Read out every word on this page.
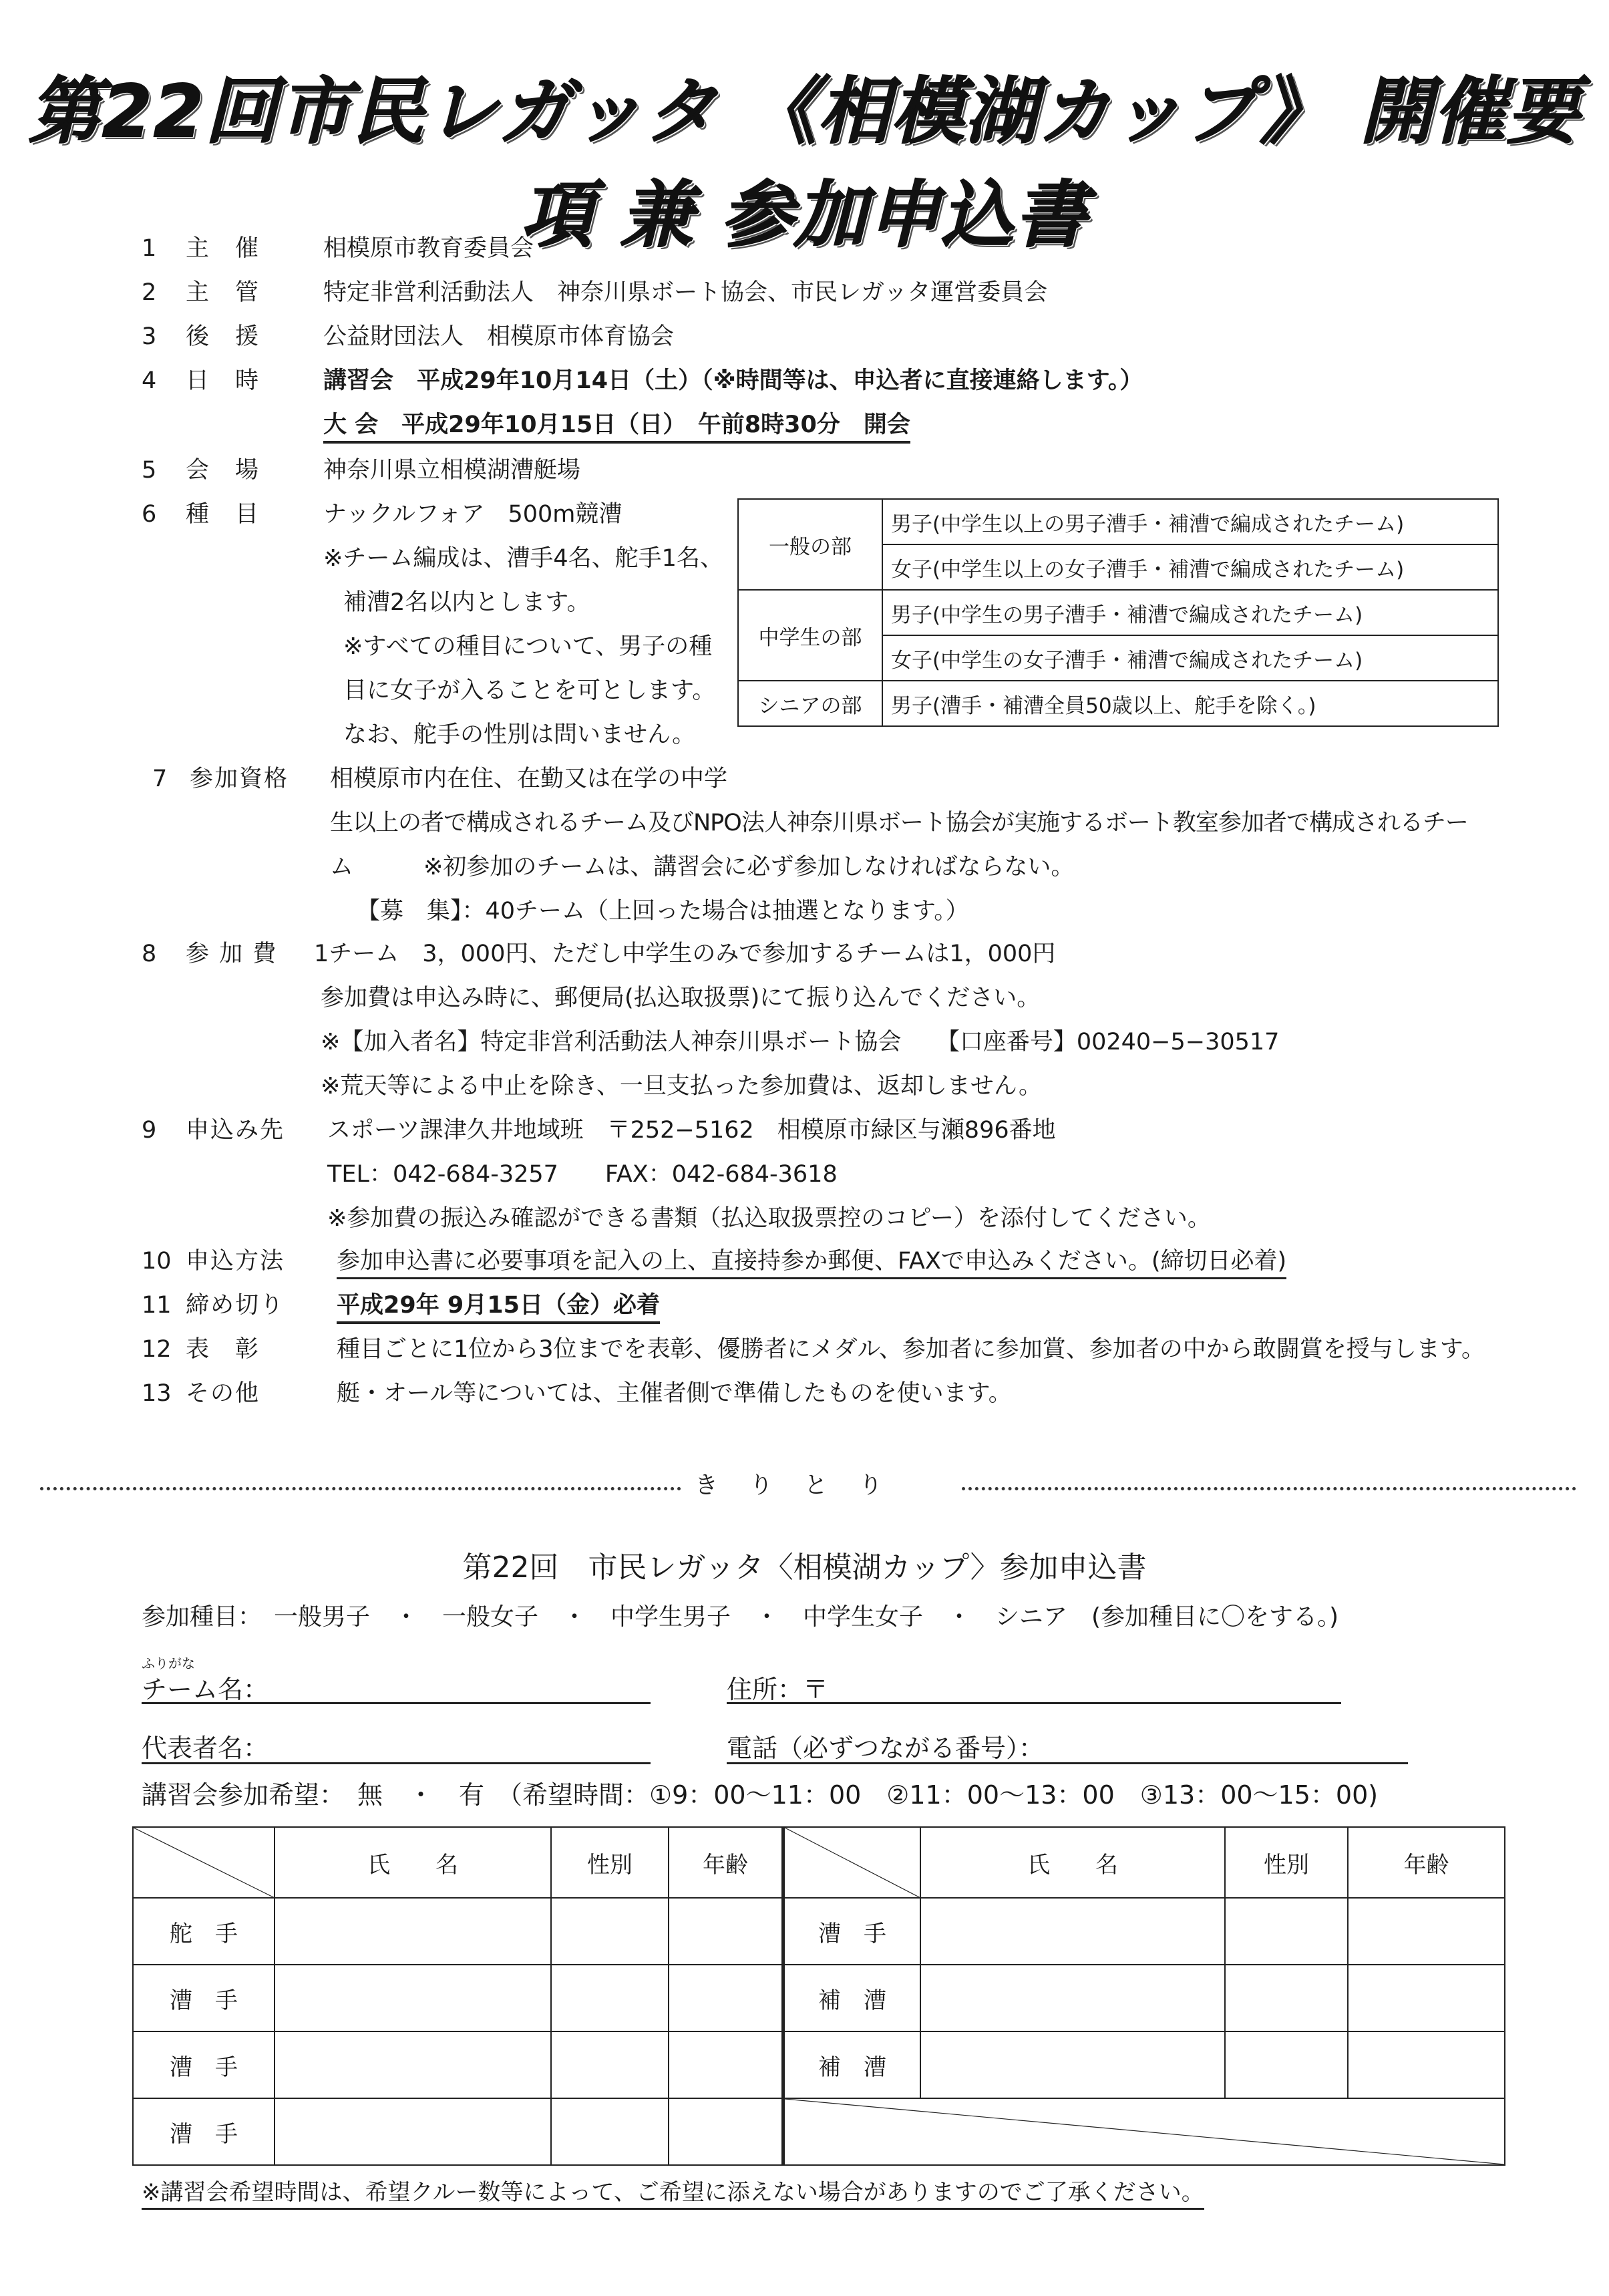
第22回市民レガッタ 《相模湖カップ》 開催要項 兼 参加申込書
1 主　催	相模原市教育委員会
2 主　管	特定非営利活動法人　神奈川県ボート協会、市民レガッタ運営委員会
3 後　援	公益財団法人　相模原市体育協会
4 日　時	講習会　平成29年10月14日（土）（※時間等は、申込者に直接連絡します。）
大 会　平成29年10月15日（日）　午前8時30分　開会
5 会　場	神奈川県立相模湖漕艇場
6 種　目	ナックルフォア　500m競漕
※チーム編成は、漕手4名、舵手1名、
補漕2名以内とします。
※すべての種目について、男子の種
目に女子が入ることを可とします。
なお、舵手の性別は問いません。
一般の部	男子(中学生以上の男子漕手・補漕で編成されたチーム)
	女子(中学生以上の女子漕手・補漕で編成されたチーム)
中学生の部	男子(中学生の男子漕手・補漕で編成されたチーム)
	女子(中学生の女子漕手・補漕で編成されたチーム)
シニアの部	男子(漕手・補漕全員50歳以上、舵手を除く。)
7 参加資格 相模原市内在住、在勤又は在学の中学
生以上の者で構成されるチーム及びNPO法人神奈川県ボート協会が実施するボート教室参加者で構成されるチー
ム　　　※初参加のチームは、講習会に必ず参加しなければならない。
【募　集】：40チーム（上回った場合は抽選となります。）
8 参 加 費 1チーム　3，000円、ただし中学生のみで参加するチームは1，000円
参加費は申込み時に、郵便局(払込取扱票)にて振り込んでください。
※【加入者名】特定非営利活動法人神奈川県ボート協会　　【口座番号】00240−5−30517
※荒天等による中止を除き、一旦支払った参加費は、返却しません。
9 申込み先 スポーツ課津久井地域班　〒252−5162　相模原市緑区与瀬896番地
TEL：042-684-3257　　FAX：042-684-3618
※参加費の振込み確認ができる書類（払込取扱票控のコピー）を添付してください。
10 申込方法 参加申込書に必要事項を記入の上、直接持参か郵便、FAXで申込みください。(締切日必着)
11 締め切り 平成29年 9月15日（金）必着
12 表　彰	種目ごとに1位から3位までを表彰、優勝者にメダル、参加者に参加賞、参加者の中から敢闘賞を授与します。
13 その他	艇・オール等については、主催者側で準備したものを使います。
き　り　と　り
第22回　市民レガッタ〈相模湖カップ〉参加申込書
参加種目：　一般男子　・　一般女子　・　中学生男子　・　中学生女子　・　シニア　(参加種目に〇をする。)
ふりがな
チーム名：	住所：〒
代表者名：	電話（必ずつながる番号）：
講習会参加希望：　無　・　有　（希望時間：①9：00〜11：00　②11：00〜13：00　③13：00〜15：00)
	氏　　名	性別	年齢		氏　　名	性別	年齢
舵　手				漕　手			
漕　手				補　漕			
漕　手				補　漕			
漕　手				
※講習会希望時間は、希望クルー数等によって、ご希望に添えない場合がありますのでご了承ください。
